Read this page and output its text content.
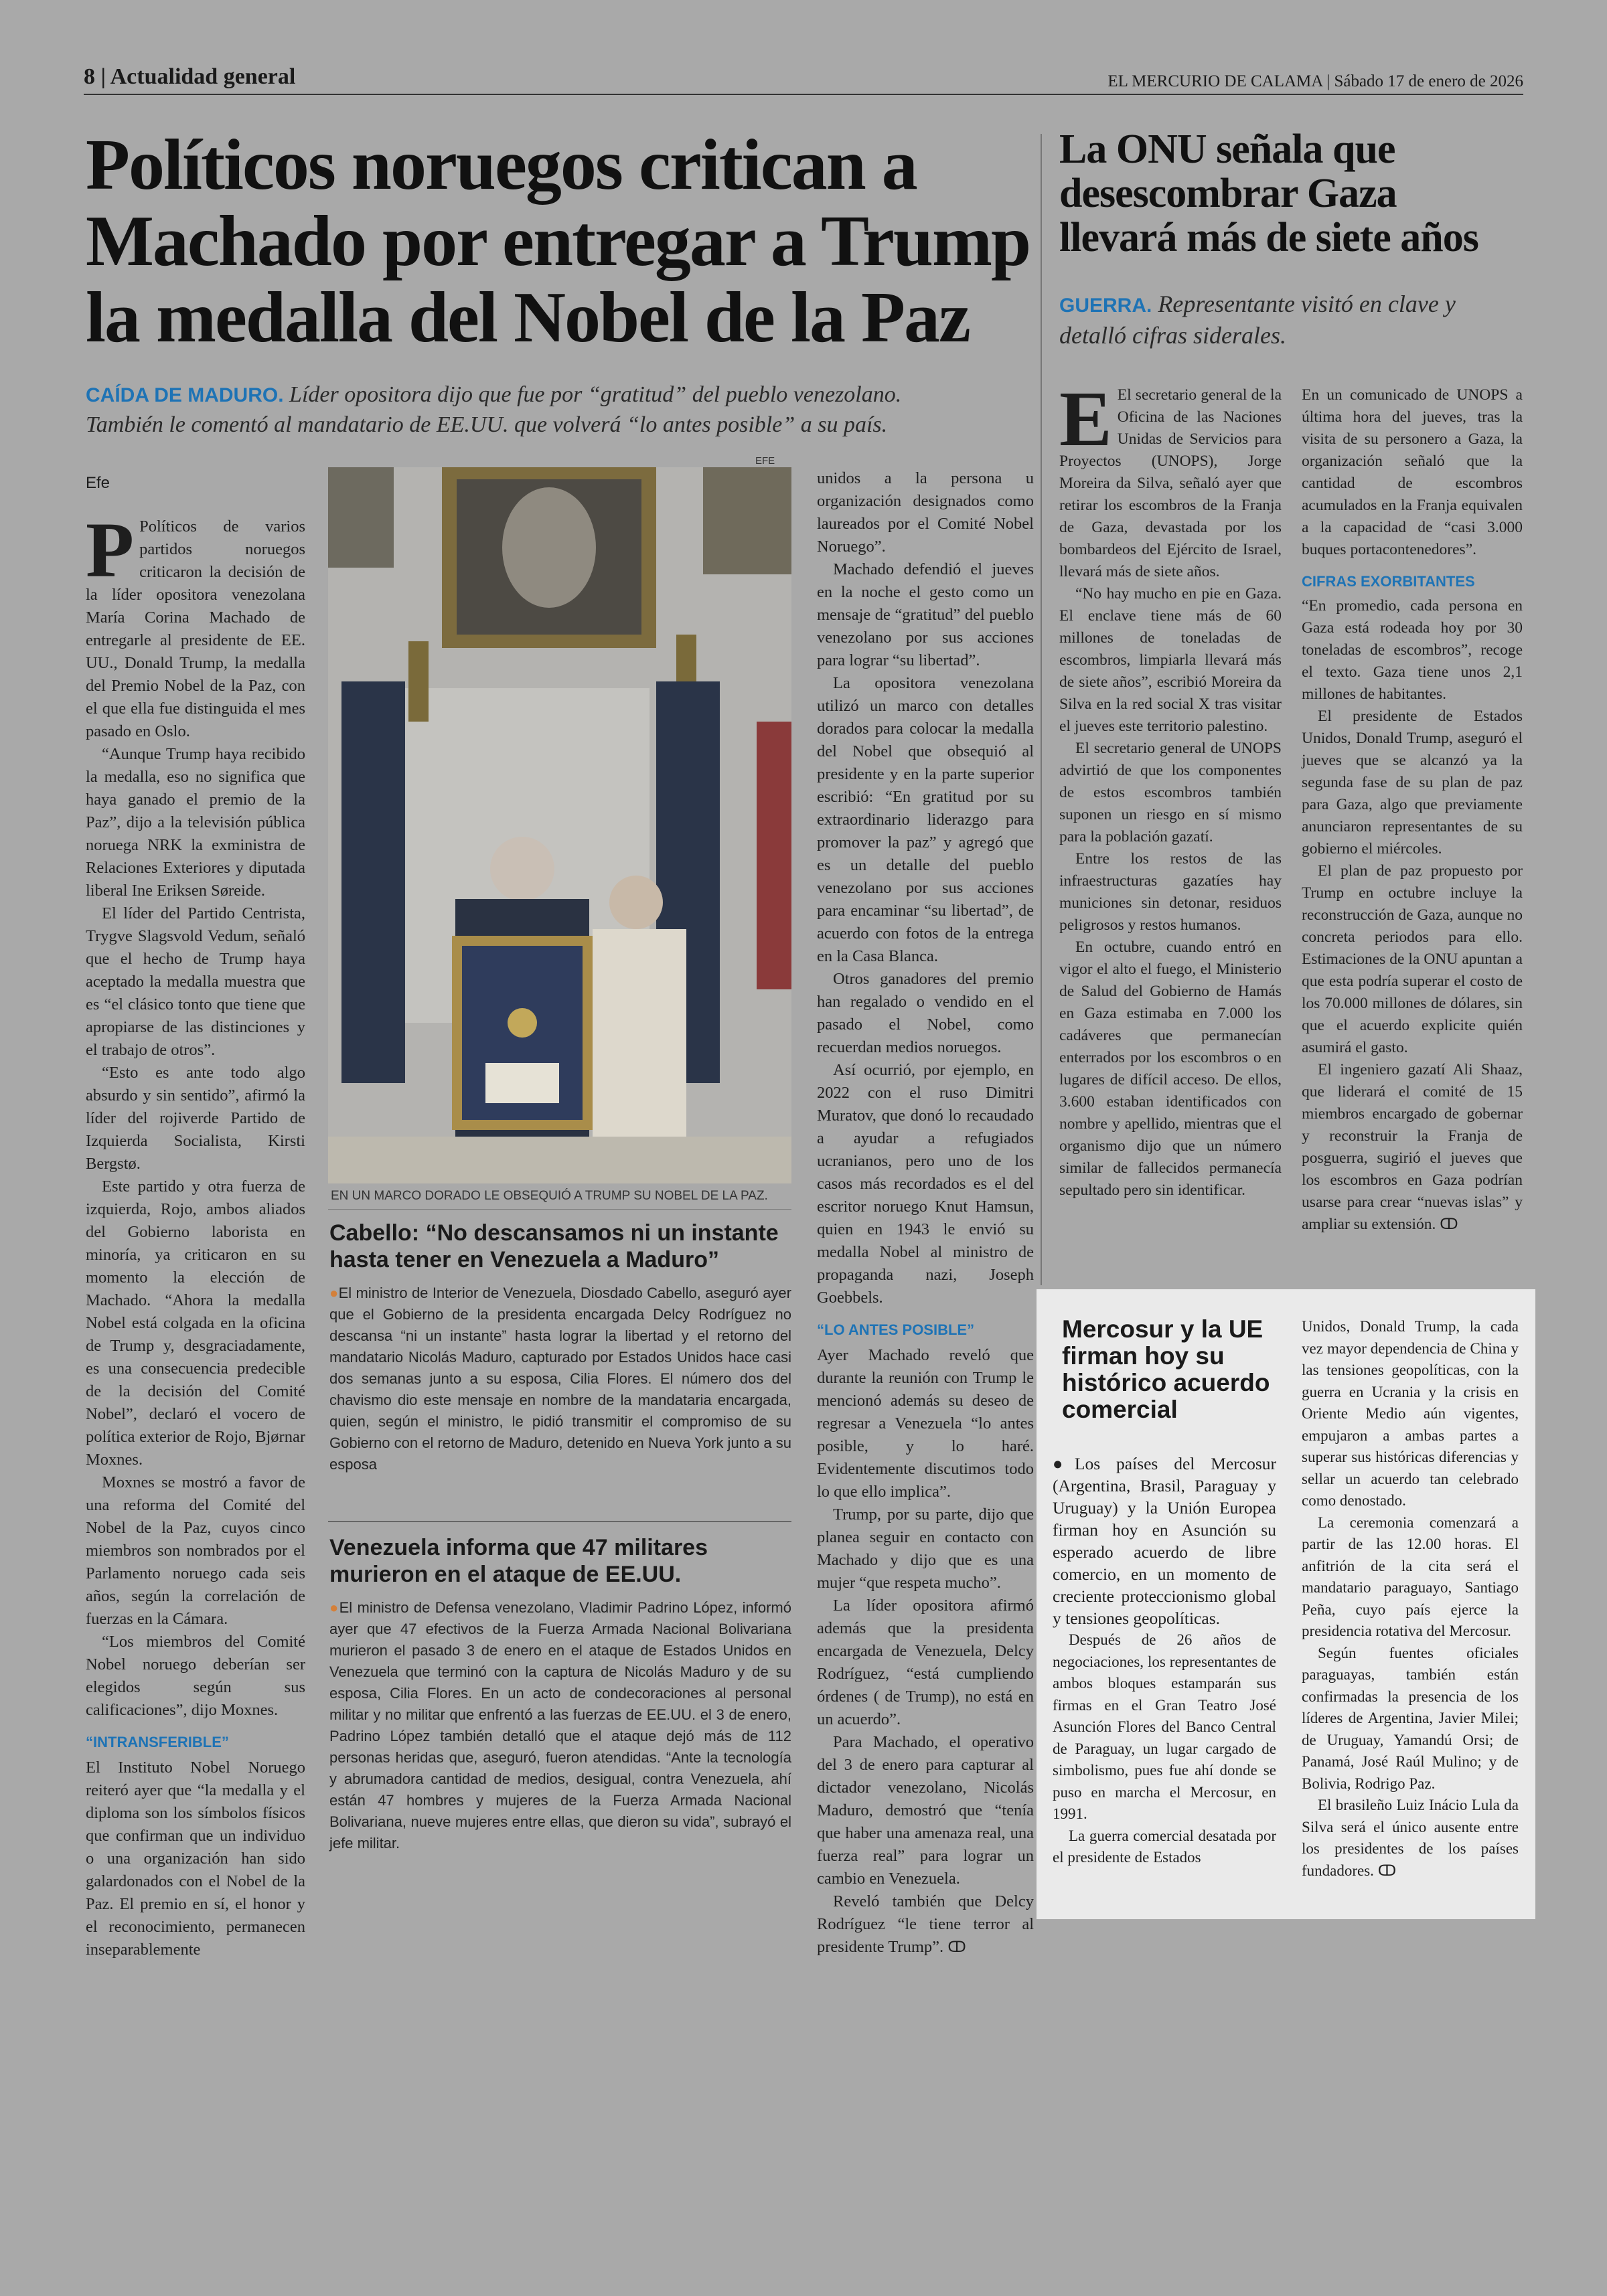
8 | Actualidad general	EL MERCURIO DE CALAMA | Sábado 17 de enero de 2026

Políticos noruegos critican a

Machado por entregar a Trump

la medalla del Nobel de la Paz

CAÍDA DE MADURO. Líder opositora dijo que fue por “gratitud” del pueblo venezolano.
También le comentó al mandatario de EE.UU. que volverá “lo antes posible” a su país.
Efe

P Políticos de varios partidos noruegos criticaron la decisión de la líder opositora venezolana María Corina Machado de entregarle al presidente de EE. UU., Donald Trump, la medalla del Premio Nobel de la Paz, con el que ella fue distinguida el mes pasado en Oslo.

“Aunque Trump haya recibido la medalla, eso no significa que haya ganado el premio de la Paz”, dijo a la televisión pública noruega NRK la exministra de Relaciones Exteriores y diputada liberal Ine Eriksen Søreide.

El líder del Partido Centrista, Trygve Slagsvold Vedum, señaló que el hecho de Trump haya aceptado la medalla muestra que es “el clásico tonto que tiene que apropiarse de las distinciones y el trabajo de otros”.

“Esto es ante todo algo absurdo y sin sentido”, afirmó la líder del rojiverde Partido de Izquierda Socialista, Kirsti Bergstø.

Este partido y otra fuerza de izquierda, Rojo, ambos aliados del Gobierno laborista en minoría, ya criticaron en su momento la elección de Machado. “Ahora la medalla Nobel está colgada en la oficina de Trump y, desgraciadamente, es una consecuencia predecible de la decisión del Comité Nobel”, declaró el vocero de política exterior de Rojo, Bjørnar Moxnes.

Moxnes se mostró a favor de una reforma del Comité del Nobel de la Paz, cuyos cinco miembros son nombrados por el Parlamento noruego cada seis años, según la correlación de fuerzas en la Cámara.

“Los miembros del Comité Nobel noruego deberían ser elegidos según sus calificaciones”, dijo Moxnes.

“INTRANSFERIBLE”

El Instituto Nobel Noruego reiteró ayer que “la medalla y el diploma son los símbolos físicos que confirman que un individuo o una organización han sido galardonados con el Nobel de la Paz. El premio en sí, el honor y el reconocimiento, permanecen inseparablemente

EFE
EN UN MARCO DORADO LE OBSEQUIÓ A TRUMP SU NOBEL DE LA PAZ.

Cabello: “No descansamos ni un instante

hasta tener en Venezuela a Maduro”

●El ministro de Interior de Venezuela, Diosdado Cabello, aseguró ayer que el Gobierno de la presidenta encargada Delcy Rodríguez no descansa “ni un instante” hasta lograr la libertad y el retorno del mandatario Nicolás Maduro, capturado por Estados Unidos hace casi dos semanas junto a su esposa, Cilia Flores. El número dos del chavismo dio este mensaje en nombre de la mandataria encargada, quien, según el ministro, le pidió transmitir el compromiso de su Gobierno con el retorno de Maduro, detenido en Nueva York junto a su esposa

Venezuela informa que 47 militares

murieron en el ataque de EE.UU.

●El ministro de Defensa venezolano, Vladimir Padrino López, informó ayer que 47 efectivos de la Fuerza Armada Nacional Bolivariana murieron el pasado 3 de enero en el ataque de Estados Unidos en Venezuela que terminó con la captura de Nicolás Maduro y de su esposa, Cilia Flores. En un acto de condecoraciones al personal militar y no militar que enfrentó a las fuerzas de EE.UU. el 3 de enero, Padrino López también detalló que el ataque dejó más de 112 personas heridas que, aseguró, fueron atendidas. “Ante la tecnología y abrumadora cantidad de medios, desigual, contra Venezuela, ahí están 47 hombres y mujeres de la Fuerza Armada Nacional Bolivariana, nueve mujeres entre ellas, que dieron su vida”, subrayó el jefe militar.

unidos a la persona u organización designados como laureados por el Comité Nobel Noruego”.

Machado defendió el jueves en la noche el gesto como un mensaje de “gratitud” del pueblo venezolano por sus acciones para lograr “su libertad”.

La opositora venezolana utilizó un marco con detalles dorados para colocar la medalla del Nobel que obsequió al presidente y en la parte superior escribió: “En gratitud por su extraordinario liderazgo para promover la paz” y agregó que es un detalle del pueblo venezolano por sus acciones para encaminar “su libertad”, de acuerdo con fotos de la entrega en la Casa Blanca.

Otros ganadores del premio han regalado o vendido en el pasado el Nobel, como recuerdan medios noruegos.

Así ocurrió, por ejemplo, en 2022 con el ruso Dimitri Muratov, que donó lo recaudado a ayudar a refugiados ucranianos, pero uno de los casos más recordados es el del escritor noruego Knut Hamsun, quien en 1943 le envió su medalla Nobel al ministro de propaganda nazi, Joseph Goebbels.

“LO ANTES POSIBLE”

Ayer Machado reveló que durante la reunión con Trump le mencionó además su deseo de regresar a Venezuela “lo antes posible, y lo haré. Evidentemente discutimos todo lo que ello implica”.

Trump, por su parte, dijo que planea seguir en contacto con Machado y dijo que es una mujer “que respeta mucho”.

La líder opositora afirmó además que la presidenta encargada de Venezuela, Delcy Rodríguez, “está cumpliendo órdenes ( de Trump), no está en un acuerdo”.

Para Machado, el operativo del 3 de enero para capturar al dictador venezolano, Nicolás Maduro, demostró que “tenía que haber una amenaza real, una fuerza real” para lograr un cambio en Venezuela.

Reveló también que Delcy Rodríguez “le tiene terror al presidente Trump”. ↀ

La ONU señala que

desescombrar Gaza

llevará más de siete años

GUERRA. Representante visitó en clave y
detalló cifras siderales.

E El secretario general de la Oficina de las Naciones Unidas de Servicios para Proyectos (UNOPS), Jorge Moreira da Silva, señaló ayer que retirar los escombros de la Franja de Gaza, devastada por los bombardeos del Ejército de Israel, llevará más de siete años.

“No hay mucho en pie en Gaza. El enclave tiene más de 60 millones de toneladas de escombros, limpiarla llevará más de siete años”, escribió Moreira da Silva en la red social X tras visitar el jueves este territorio palestino.

El secretario general de UNOPS advirtió de que los componentes de estos escombros también suponen un riesgo en sí mismo para la población gazatí.

Entre los restos de las infraestructuras gazatíes hay municiones sin detonar, residuos peligrosos y restos humanos.

En octubre, cuando entró en vigor el alto el fuego, el Ministerio de Salud del Gobierno de Hamás en Gaza estimaba en 7.000 los cadáveres que permanecían enterrados por los escombros o en lugares de difícil acceso. De ellos, 3.600 estaban identificados con nombre y apellido, mientras que el organismo dijo que un número similar de fallecidos permanecía sepultado pero sin identificar.

En un comunicado de UNOPS a última hora del jueves, tras la visita de su personero a Gaza, la organización señaló que la cantidad de escombros acumulados en la Franja equivalen a la capacidad de “casi 3.000 buques portacontenedores”.

CIFRAS EXORBITANTES

“En promedio, cada persona en Gaza está rodeada hoy por 30 toneladas de escombros”, recoge el texto. Gaza tiene unos 2,1 millones de habitantes.

El presidente de Estados Unidos, Donald Trump, aseguró el jueves que se alcanzó ya la segunda fase de su plan de paz para Gaza, algo que previamente anunciaron representantes de su gobierno el miércoles.

El plan de paz propuesto por Trump en octubre incluye la reconstrucción de Gaza, aunque no concreta periodos para ello. Estimaciones de la ONU apuntan a que esta podría superar el costo de los 70.000 millones de dólares, sin que el acuerdo explicite quién asumirá el gasto.

El ingeniero gazatí Ali Shaaz, que liderará el comité de 15 miembros encargado de gobernar y reconstruir la Franja de posguerra, sugirió el jueves que los escombros en Gaza podrían usarse para crear “nuevas islas” y ampliar su extensión. ↀ

Mercosur y la UE

firman hoy su

histórico acuerdo

comercial

●Los países del Mercosur (Argentina, Brasil, Paraguay y Uruguay) y la Unión Europea firman hoy en Asunción su esperado acuerdo de libre comercio, en un momento de creciente proteccionismo global y tensiones geopolíticas.

Después de 26 años de negociaciones, los representantes de ambos bloques estamparán sus firmas en el Gran Teatro José Asunción Flores del Banco Central de Paraguay, un lugar cargado de simbolismo, pues fue ahí donde se puso en marcha el Mercosur, en 1991.

La guerra comercial desatada por el presidente de Estados

Unidos, Donald Trump, la cada vez mayor dependencia de China y las tensiones geopolíticas, con la guerra en Ucrania y la crisis en Oriente Medio aún vigentes, empujaron a ambas partes a superar sus históricas diferencias y sellar un acuerdo tan celebrado como denostado.

La ceremonia comenzará a partir de las 12.00 horas. El anfitrión de la cita será el mandatario paraguayo, Santiago Peña, cuyo país ejerce la presidencia rotativa del Mercosur.

Según fuentes oficiales paraguayas, también están confirmadas la presencia de los líderes de Argentina, Javier Milei; de Uruguay, Yamandú Orsi; de Panamá, José Raúl Mulino; y de Bolivia, Rodrigo Paz.

El brasileño Luiz Inácio Lula da Silva será el único ausente entre los presidentes de los países fundadores. ↀ
